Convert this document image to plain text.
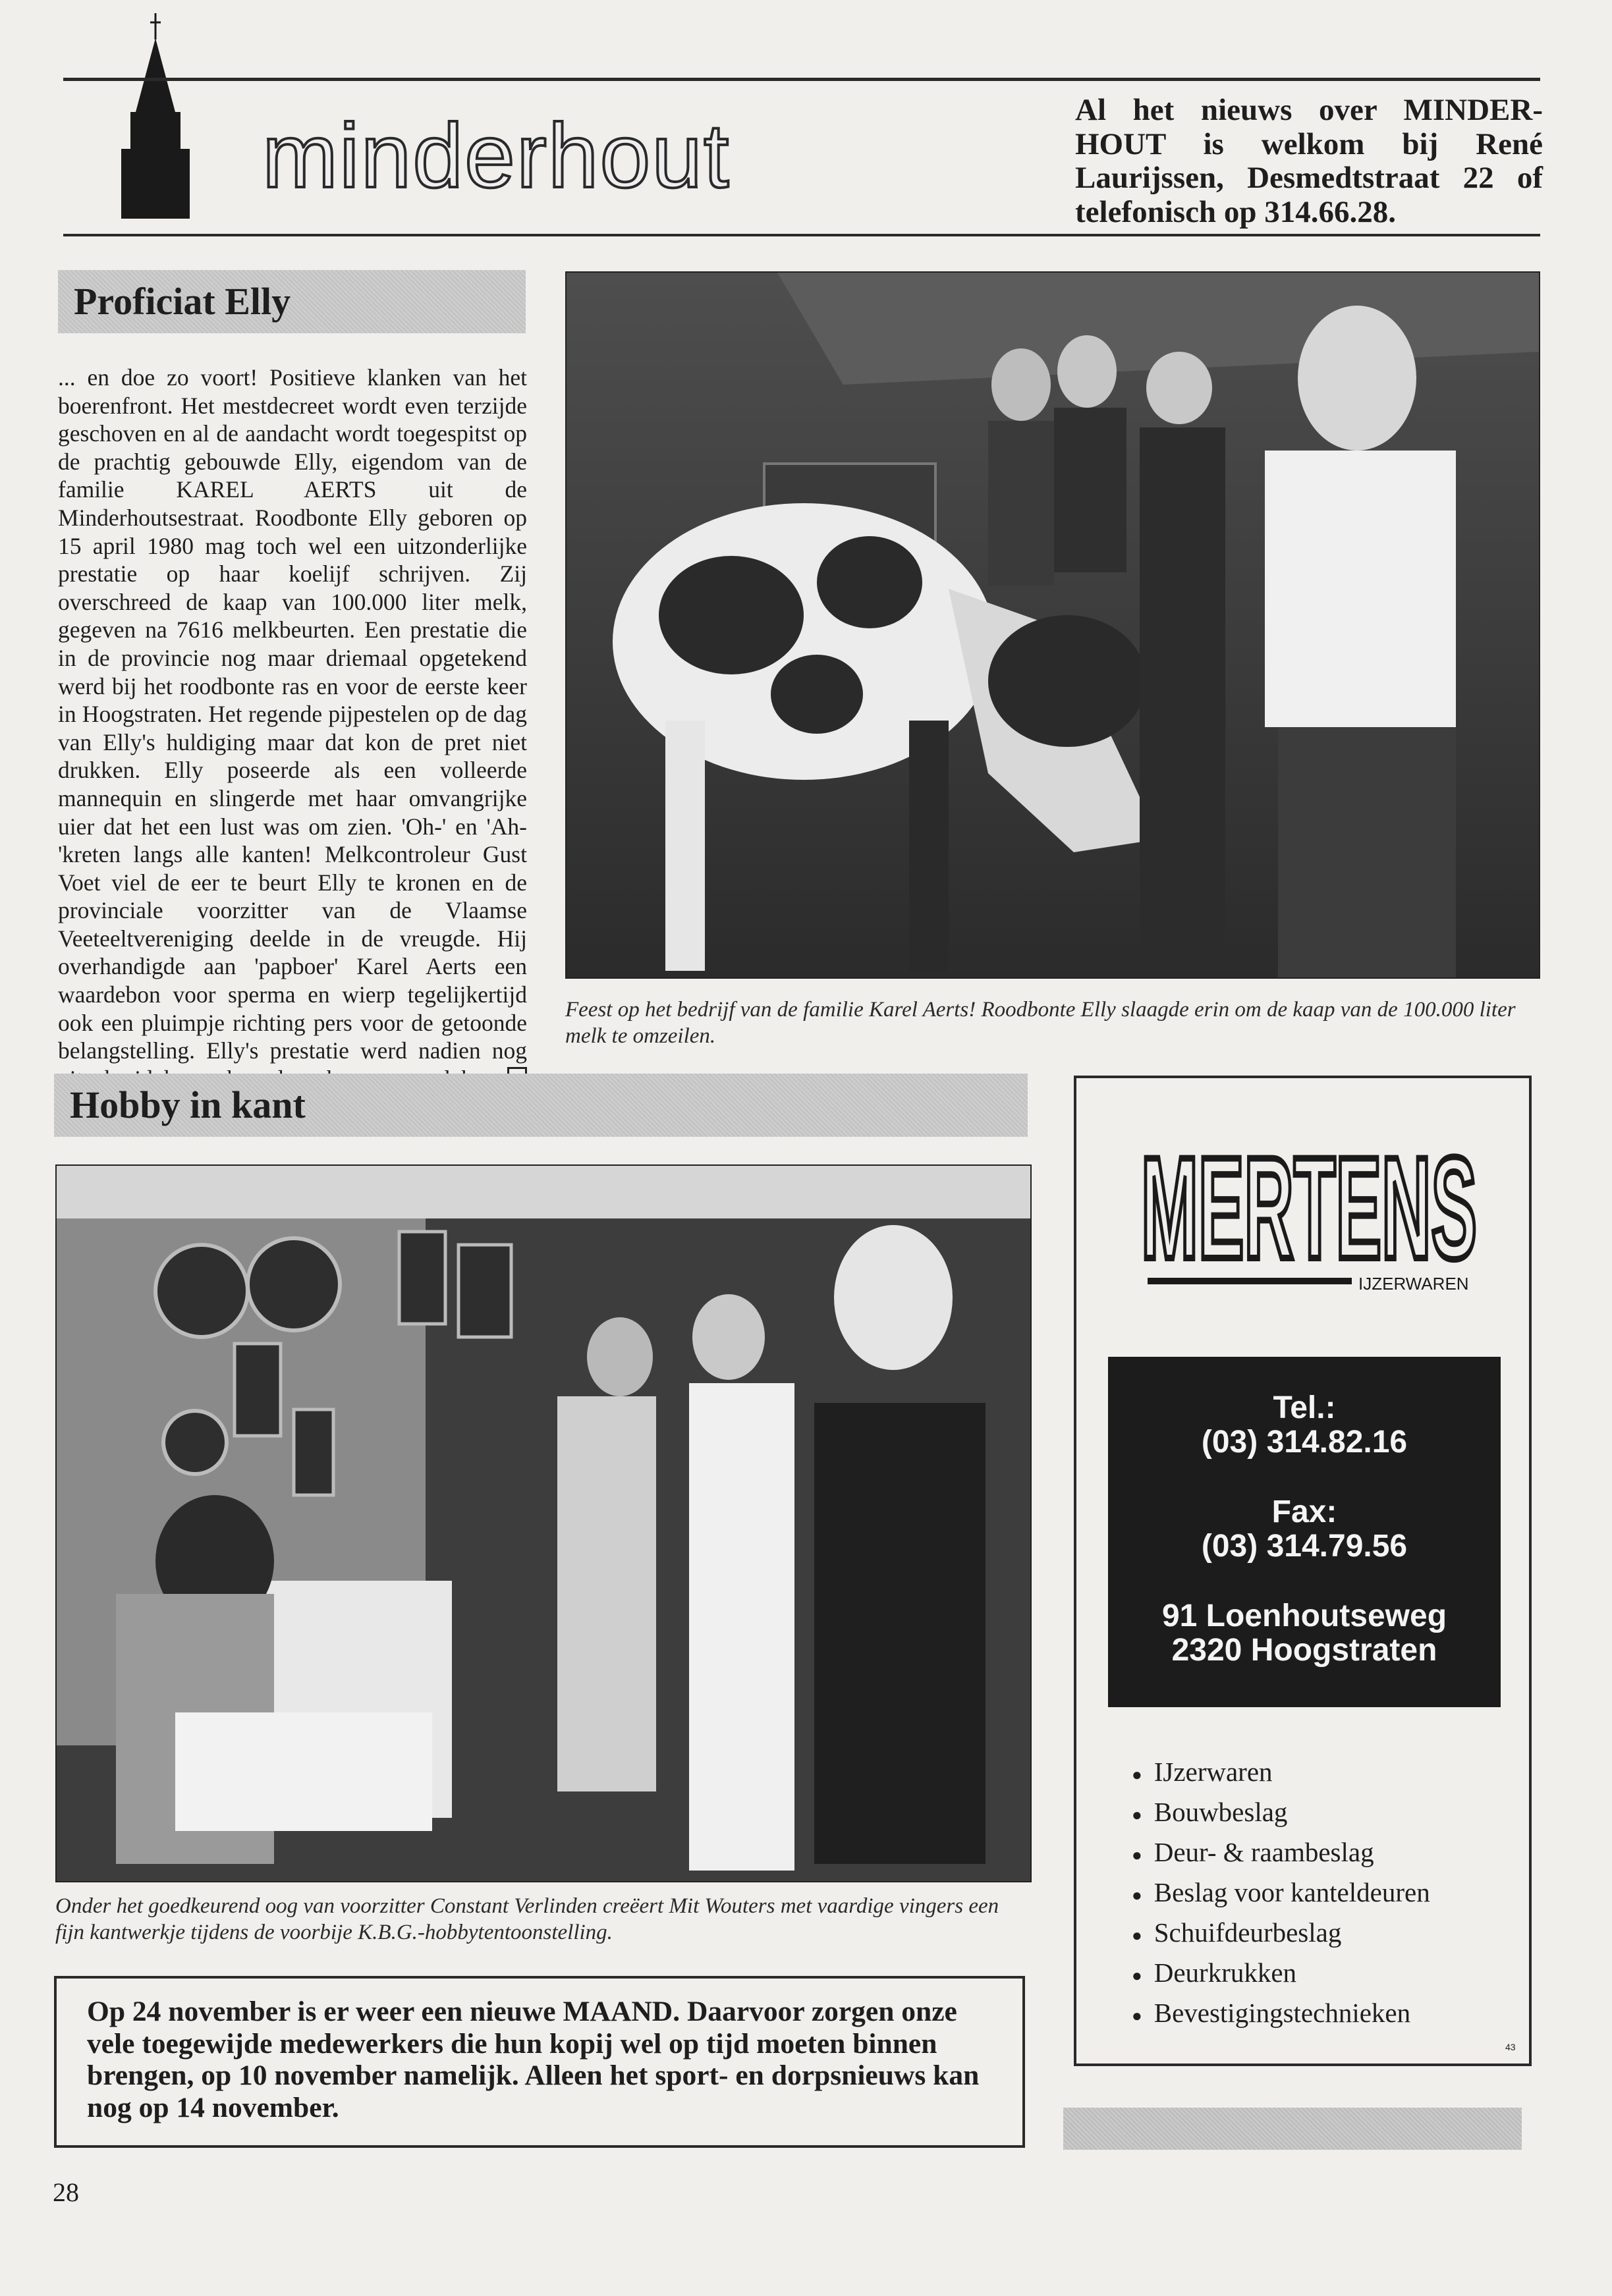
minderhout	Al het nieuws over MINDER-HOUT is welkom bij René Laurijssen, Desmedtstraat 22 of telefonisch op 314.66.28.
Proficiat Elly
... en doe zo voort! Positieve klanken van het boerenfront. Het mestdecreet wordt even terzijde geschoven en al de aandacht wordt toegespitst op de prachtig gebouwde Elly, eigendom van de familie KAREL AERTS uit de Minderhoutsestraat. Roodbonte Elly geboren op 15 april 1980 mag toch wel een uitzonderlijke prestatie op haar koelijf schrijven. Zij overschreed de kaap van 100.000 liter melk, gegeven na 7616 melkbeurten. Een prestatie die in de provincie nog maar driemaal opgetekend werd bij het roodbonte ras en voor de eerste keer in Hoogstraten. Het regende pijpestelen op de dag van Elly's huldiging maar dat kon de pret niet drukken. Elly poseerde als een volleerde mannequin en slingerde met haar omvangrijke uier dat het een lust was om zien. 'Oh-' en 'Ah-'kreten langs alle kanten! Melkcontroleur Gust Voet viel de eer te beurt Elly te kronen en de provinciale voorzitter van de Vlaamse Veeteeltvereniging deelde in de vreugde. Hij overhandigde aan 'papboer' Karel Aerts een waardebon voor sperma en wierp tegelijkertijd ook een pluimpje richting pers voor de getoonde belangstelling. Elly's prestatie werd nadien nog
Feest op het bedrijf van de familie Karel Aerts! Roodbonte Elly slaagde erin om de kaap van de 100.000 liter melk te omzeilen.
Hobby in kant
Onder het goedkeurend oog van voorzitter Constant Verlinden creëert Mit Wouters met vaardige vingers een fijn kantwerkje tijdens de voorbije K.B.G.-hobbytentoonstelling.
Op 24 november is er weer een nieuwe MAAND. Daarvoor zorgen onze vele toegewijde medewerkers die hun kopij wel op tijd moeten binnen brengen, op 10 november namelijk. Alleen het sport- en dorpsnieuws kan nog op 14 november.
MERTENS
IJZERWAREN
Tel.:
(03) 314.82.16
Fax:
(03) 314.79.56
91 Loenhoutseweg
2320 Hoogstraten
● IJzerwaren
● Bouwbeslag
● Deur- & raambeslag
● Beslag voor kanteldeuren
● Schuifdeurbeslag
● Deurkrukken
● Bevestigingstechnieken
43
28
